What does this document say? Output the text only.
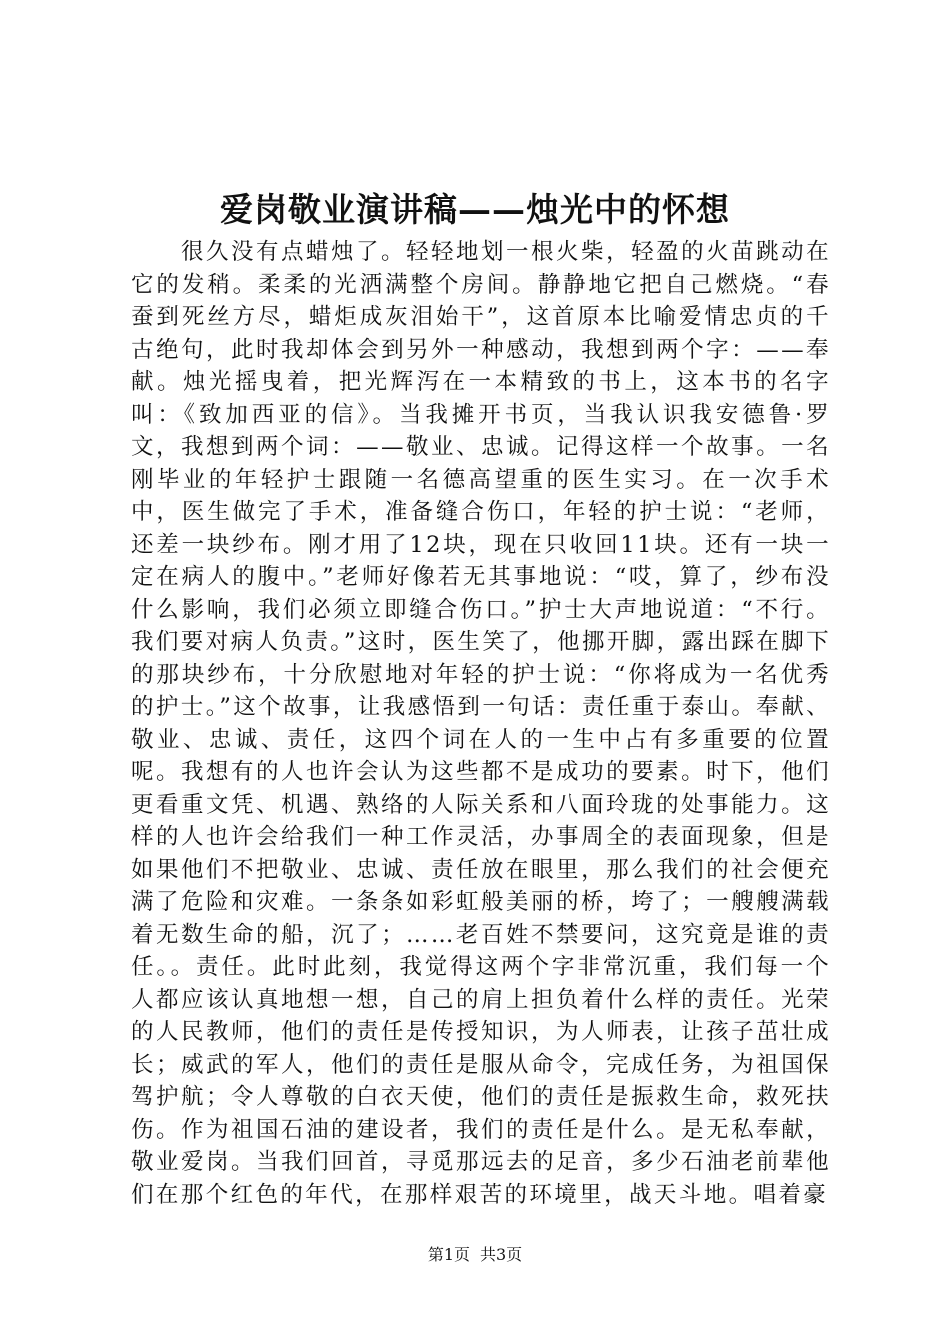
爱岗敬业演讲稿——烛光中的怀想

很久没有点蜡烛了。轻轻地划一根火柴，轻盈的火苗跳动在它的发稍。柔柔的光洒满整个房间。静静地它把自己燃烧。“春蚕到死丝方尽，蜡炬成灰泪始干”，这首原本比喻爱情忠贞的千古绝句，此时我却体会到另外一种感动，我想到两个字：——奉献。烛光摇曳着，把光辉泻在一本精致的书上，这本书的名字叫：《致加西亚的信》。当我摊开书页，当我认识我安德鲁·罗文，我想到两个词：——敬业、忠诚。记得这样一个故事。一名刚毕业的年轻护士跟随一名德高望重的医生实习。在一次手术中，医生做完了手术，准备缝合伤口，年轻的护士说：“老师，还差一块纱布。刚才用了12块，现在只收回11块。还有一块一定在病人的腹中。”老师好像若无其事地说：“哎，算了，纱布没什么影响，我们必须立即缝合伤口。”护士大声地说道：“不行。我们要对病人负责。”这时，医生笑了，他挪开脚，露出踩在脚下的那块纱布，十分欣慰地对年轻的护士说：“你将成为一名优秀的护士。”这个故事，让我感悟到一句话：责任重于泰山。奉献、敬业、忠诚、责任，这四个词在人的一生中占有多重要的位置呢。我想有的人也许会认为这些都不是成功的要素。时下，他们更看重文凭、机遇、熟络的人际关系和八面玲珑的处事能力。这样的人也许会给我们一种工作灵活，办事周全的表面现象，但是如果他们不把敬业、忠诚、责任放在眼里，那么我们的社会便充满了危险和灾难。一条条如彩虹般美丽的桥，垮了；一艘艘满载着无数生命的船，沉了；……老百姓不禁要问，这究竟是谁的责任。。责任。此时此刻，我觉得这两个字非常沉重，我们每一个人都应该认真地想一想，自己的肩上担负着什么样的责任。光荣的人民教师，他们的责任是传授知识，为人师表，让孩子茁壮成长；威武的军人，他们的责任是服从命令，完成任务，为祖国保驾护航；令人尊敬的白衣天使，他们的责任是振救生命，救死扶伤。作为祖国石油的建设者，我们的责任是什么。是无私奉献，敬业爱岗。当我们回首，寻觅那远去的足音，多少石油老前辈他们在那个红色的年代，在那样艰苦的环境里，战天斗地。唱着豪

第1页 共3页
